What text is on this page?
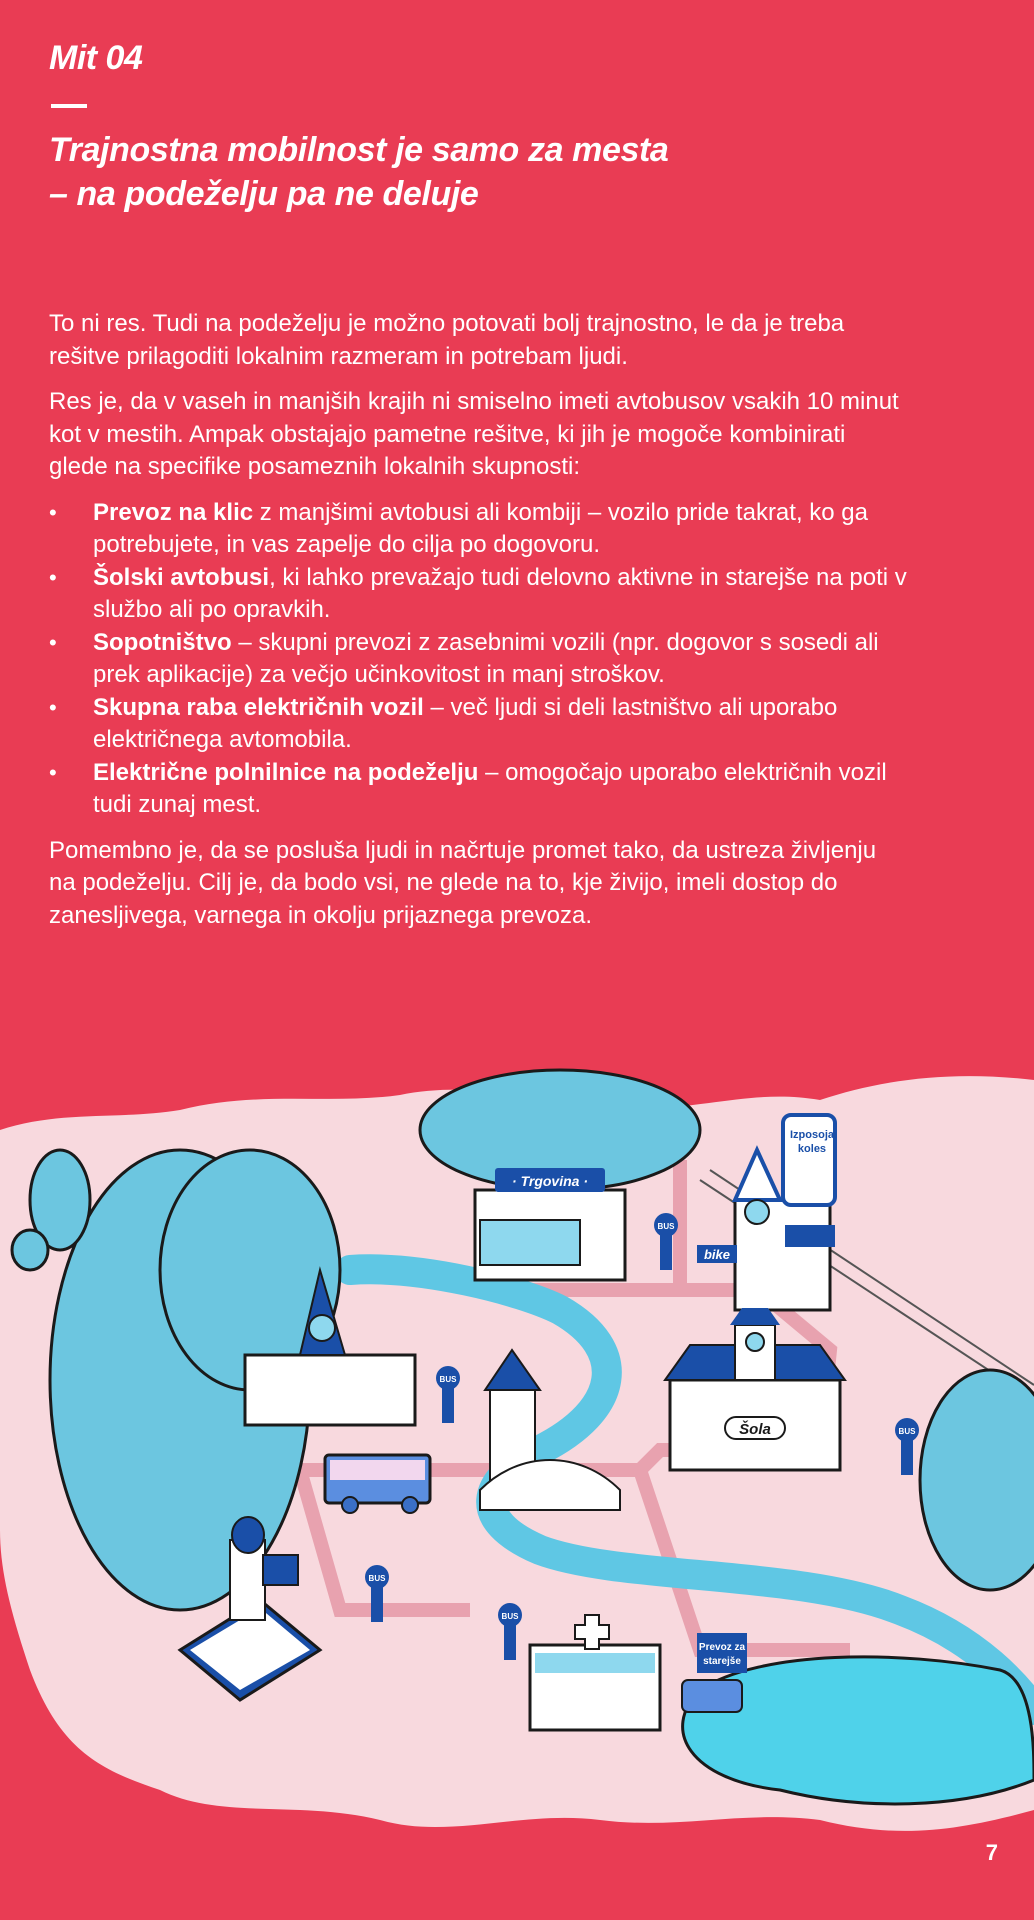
Mit 04

Trajnostna mobilnost je samo za mesta
– na podeželju pa ne deluje

To ni res. Tudi na podeželju je možno potovati bolj trajnostno, le da je treba rešitve prilagoditi lokalnim razmeram in potrebam ljudi.

Res je, da v vaseh in manjših krajih ni smiselno imeti avtobusov vsakih 10 minut kot v mestih. Ampak obstajajo pametne rešitve, ki jih je mogoče kombinirati glede na specifike posameznih lokalnih skupnosti:

• Prevoz na klic z manjšimi avtobusi ali kombiji – vozilo pride takrat, ko ga potrebujete, in vas zapelje do cilja po dogovoru.
• Šolski avtobusi, ki lahko prevažajo tudi delovno aktivne in starejše na poti v službo ali po opravkih.
• Sopotništvo – skupni prevozi z zasebnimi vozili (npr. dogovor s sosedi ali prek aplikacije) za večjo učinkovitost in manj stroškov.
• Skupna raba električnih vozil – več ljudi si deli lastništvo ali uporabo električnega avtomobila.
• Električne polnilnice na podeželju – omogočajo uporabo električnih vozil tudi zunaj mest.

Pomembno je, da se posluša ljudi in načrtuje promet tako, da ustreza življenju na podeželju. Cilj je, da bodo vsi, ne glede na to, kje živijo, imeli dostop do zanesljivega, varnega in okolju prijaznega prevoza.

· Trgovina ·
bike
Izposoja
koles
Šola
Prevoz za
starejše
BUS
BUS
BUS
BUS
BUS
7
